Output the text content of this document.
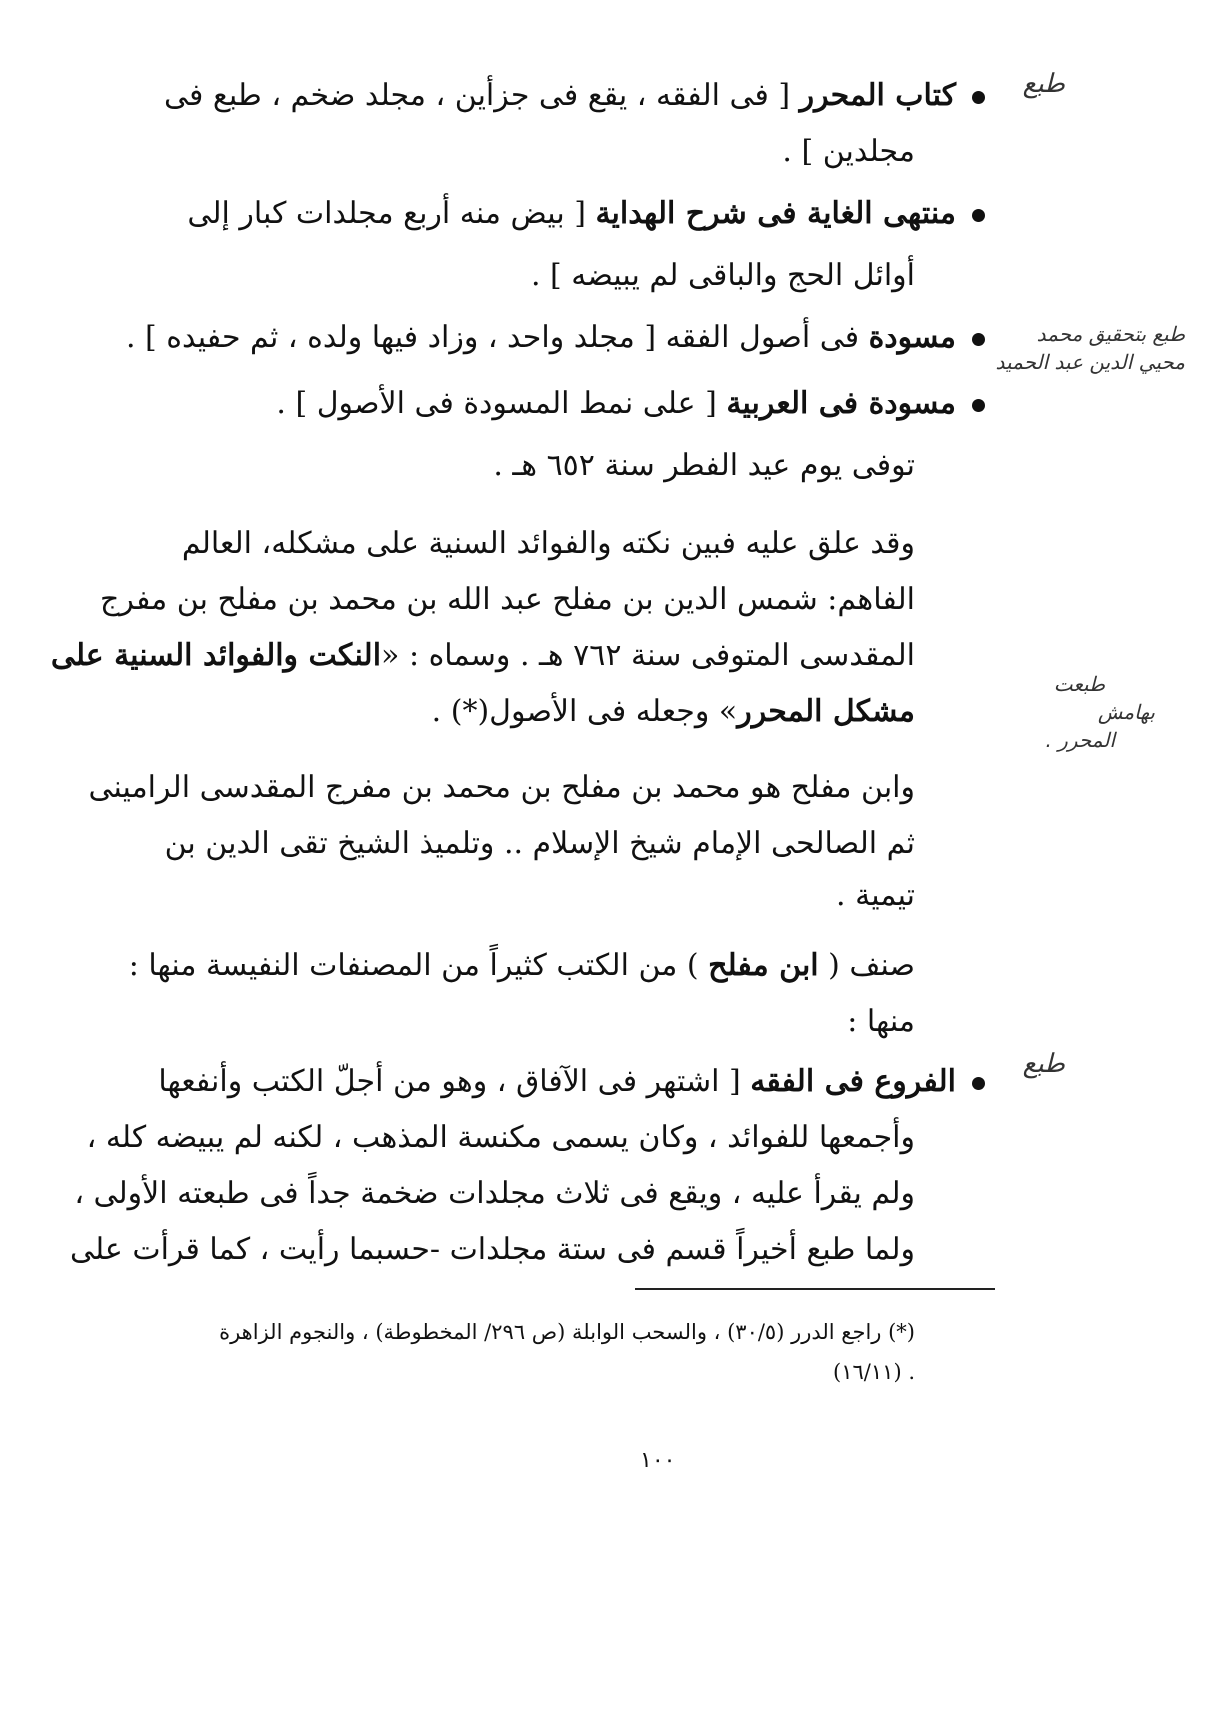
طبع
طبع بتحقيق محمد
محيي الدين عبد الحميد
طبعت
بهامش
المحرر .
طبع
كتاب المحرر [ فى الفقه ، يقع فى جزأين ، مجلد ضخم ، طبع فى
مجلدين ] .
منتهى الغاية فى شرح الهداية [ بيض منه أربع مجلدات كبار إلى
أوائل الحج والباقى لم يبيضه ] .
مسودة فى أصول الفقه [ مجلد واحد ، وزاد فيها ولده ، ثم حفيده ] .
مسودة فى العربية [ على نمط المسودة فى الأصول ] .
توفى يوم عيد الفطر سنة ٦٥٢ هـ .
وقد علق عليه فبين نكته والفوائد السنية على مشكله، العالم
الفاهم: شمس الدين بن مفلح عبد الله بن محمد بن مفلح بن مفرج
المقدسى المتوفى سنة ٧٦٢ هـ . وسماه : «النكت والفوائد السنية على
مشكل المحرر» وجعله فى الأصول(*) .
وابن مفلح هو محمد بن مفلح بن محمد بن مفرج المقدسى الرامينى
ثم الصالحى الإمام شيخ الإسلام .. وتلميذ الشيخ تقى الدين بن
تيمية .
صنف ( ابن مفلح ) من الكتب كثيراً من المصنفات النفيسة منها :
منها :
الفروع فى الفقه [ اشتهر فى الآفاق ، وهو من أجلّ الكتب وأنفعها
وأجمعها للفوائد ، وكان يسمى مكنسة المذهب ، لكنه لم يبيضه كله ،
ولم يقرأ عليه ، ويقع فى ثلاث مجلدات ضخمة جداً فى طبعته الأولى ،
ولما طبع أخيراً قسم فى ستة مجلدات -حسبما رأيت ، كما قرأت على
(*) راجع الدرر (٣٠/٥) ، والسحب الوابلة (ص ٢٩٦/ المخطوطة) ، والنجوم الزاهرة
. (١٦/١١)
١٠٠
